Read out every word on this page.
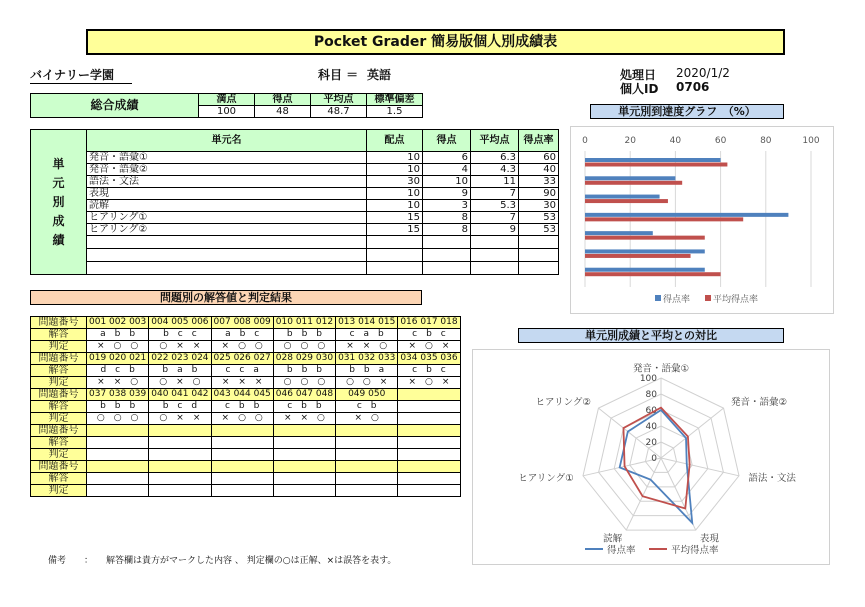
Pocket Grader 簡易版個人別成績表
バイナリー学園	科目 ＝ 英語	処理日 2020/1/2
個人ID 0706
総合成績	満点	得点	平均点	標準偏差
	100	48	48.7	1.5
単
元
別
成
績	単元名	配点	得点	平均点	得点率
	発音・語彙①	10	6	6.3	60
	発音・語彙②	10	4	4.3	40
	語法・文法	30	10	11	33
	表現	10	9	7	90
	読解	10	3	5.3	30
	ヒアリング①	15	8	7	53
	ヒアリング②	15	8	9	53

単元別到達度グラフ　（%）
0	20	40	60	80	100
得点率	平均得点率
問題別の解答値と判定結果
問題番号	001 002 003	004 005 006	007 008 009	010 011 012	013 014 015	016 017 018
解答	a　b　b	b　c　c	a　b　c	b　b　b	c　a　b	c　b　c
判定	×　○　○	○　×　×	×　○　○	○　○　○	×　×　○	×　○　×
問題番号	019 020 021	022 023 024	025 026 027	028 029 030	031 032 033	034 035 036
解答	d　c　b	b　a　b	c　c　a	b　b　b	b　b　a	c　b　c
判定	×　×　○	○　×　○	×　×　×	○　○　○	○　○　×	×　○　×
問題番号	037 038 039	040 041 042	043 044 045	046 047 048	049 050	
解答	b　b　b	b　c　d	c　b　b	c　b　b	c　b	
判定	○　○　○	○　×　×	×　○　○	×　×　○	×　○	
問題番号						
解答						
判定						
問題番号						
解答						
判定						
備考　　： 解答欄は貴方がマークした内容 、 判定欄の○は正解、×は誤答を表す。
単元別成績と平均との対比
0
20
40
60
80
100
発音・語彙①
発音・語彙②
語法・文法
表現
読解
ヒアリング①
ヒアリング②
得点率	平均得点率
